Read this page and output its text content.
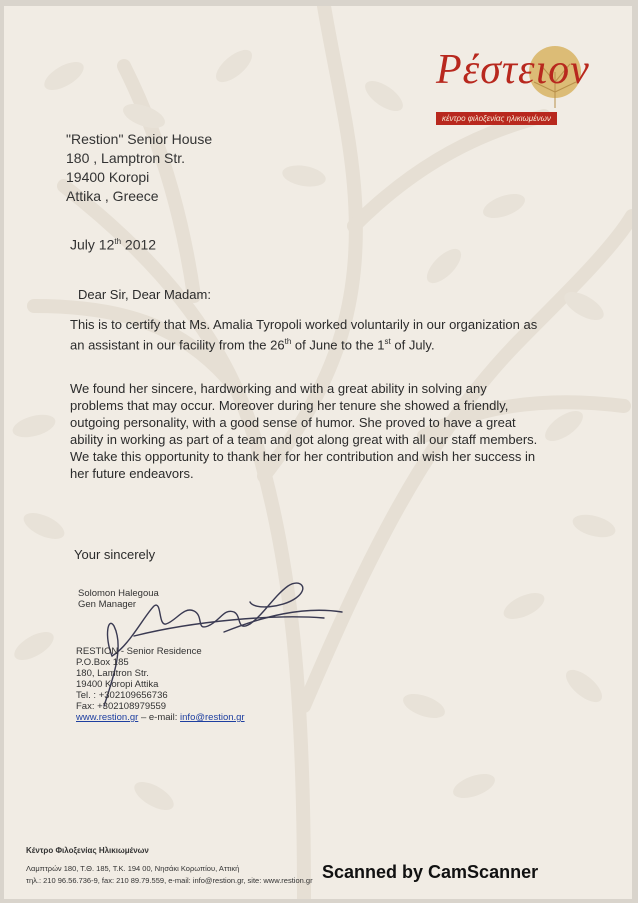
Ρέστειον
κέντρο φιλοξενίας ηλικιωμένων
"Restion" Senior House
180 , Lamptron Str.
19400 Koropi
Attika , Greece
July 12th 2012
Dear Sir, Dear Madam:
This is to certify that Ms. Amalia Tyropoli worked voluntarily in our organization as an assistant in our facility from the 26th of June to the 1st of July.
We found her sincere, hardworking and with a great ability in solving any problems that may occur. Moreover during her tenure she showed a friendly, outgoing personality, with a good sense of humor. She proved to have a great ability in working as part of a team and got along great with all our staff members. We take this opportunity to thank her for her contribution and wish her success in her future endeavors.
Your sincerely
Solomon Halegoua
Gen Manager
RESTION - Senior Residence
P.O.Box 185
180, Lamtron Str.
19400 Koropi Attika
Tel. : +302109656736
Fax: +302108979559
www.restion.gr – e-mail: info@restion.gr
Κέντρο Φιλοξενίας Ηλικιωμένων
Λαμπτρών 180, Τ.Θ. 185, Τ.Κ. 194 00, Νησάκι Κορωπίου, Αττική
τηλ.: 210 96.56.736-9, fax: 210 89.79.559, e-mail: info@restion.gr, site: www.restion.gr Scanned by CamScanner
